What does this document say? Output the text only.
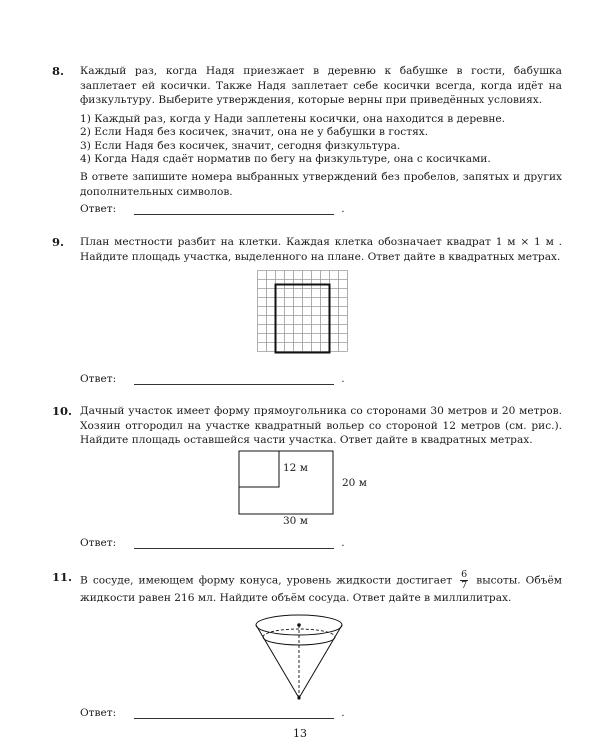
8. Каждый раз, когда Надя приезжает в деревню к бабушке в гости, бабушка заплетает ей косички. Также Надя заплетает себе косички всегда, когда идёт на физкультуру. Выберите утверждения, которые верны при приведённых условиях.

1) Каждый раз, когда у Нади заплетены косички, она находится в деревне.
2) Если Надя без косичек, значит, она не у бабушки в гостях.
3) Если Надя без косичек, значит, сегодня физкультура.
4) Когда Надя сдаёт норматив по бегу на физкультуре, она с косичками.

В ответе запишите номера выбранных утверждений без пробелов, запятых и других дополнительных символов.

Ответ:	.
9. План местности разбит на клетки. Каждая клетка обозначает квадрат 1 м × 1 м . Найдите площадь участка, выделенного на плане. Ответ дайте в квадратных метрах.

Ответ:	.
10. Дачный участок имеет форму прямоугольника со сторонами 30 метров и 20 метров. Хозяин отгородил на участке квадратный вольер со стороной 12 метров (см. рис.). Найдите площадь оставшейся части участка. Ответ дайте в квадратных метрах.

12 м
20 м
30 м
Ответ:	.
11. В сосуде, имеющем форму конуса, уровень жидкости достигает $\frac{6}{7}$ высоты. Объём жидкости равен 216 мл. Найдите объём сосуда. Ответ дайте в миллилитрах.

Ответ:	.
13
